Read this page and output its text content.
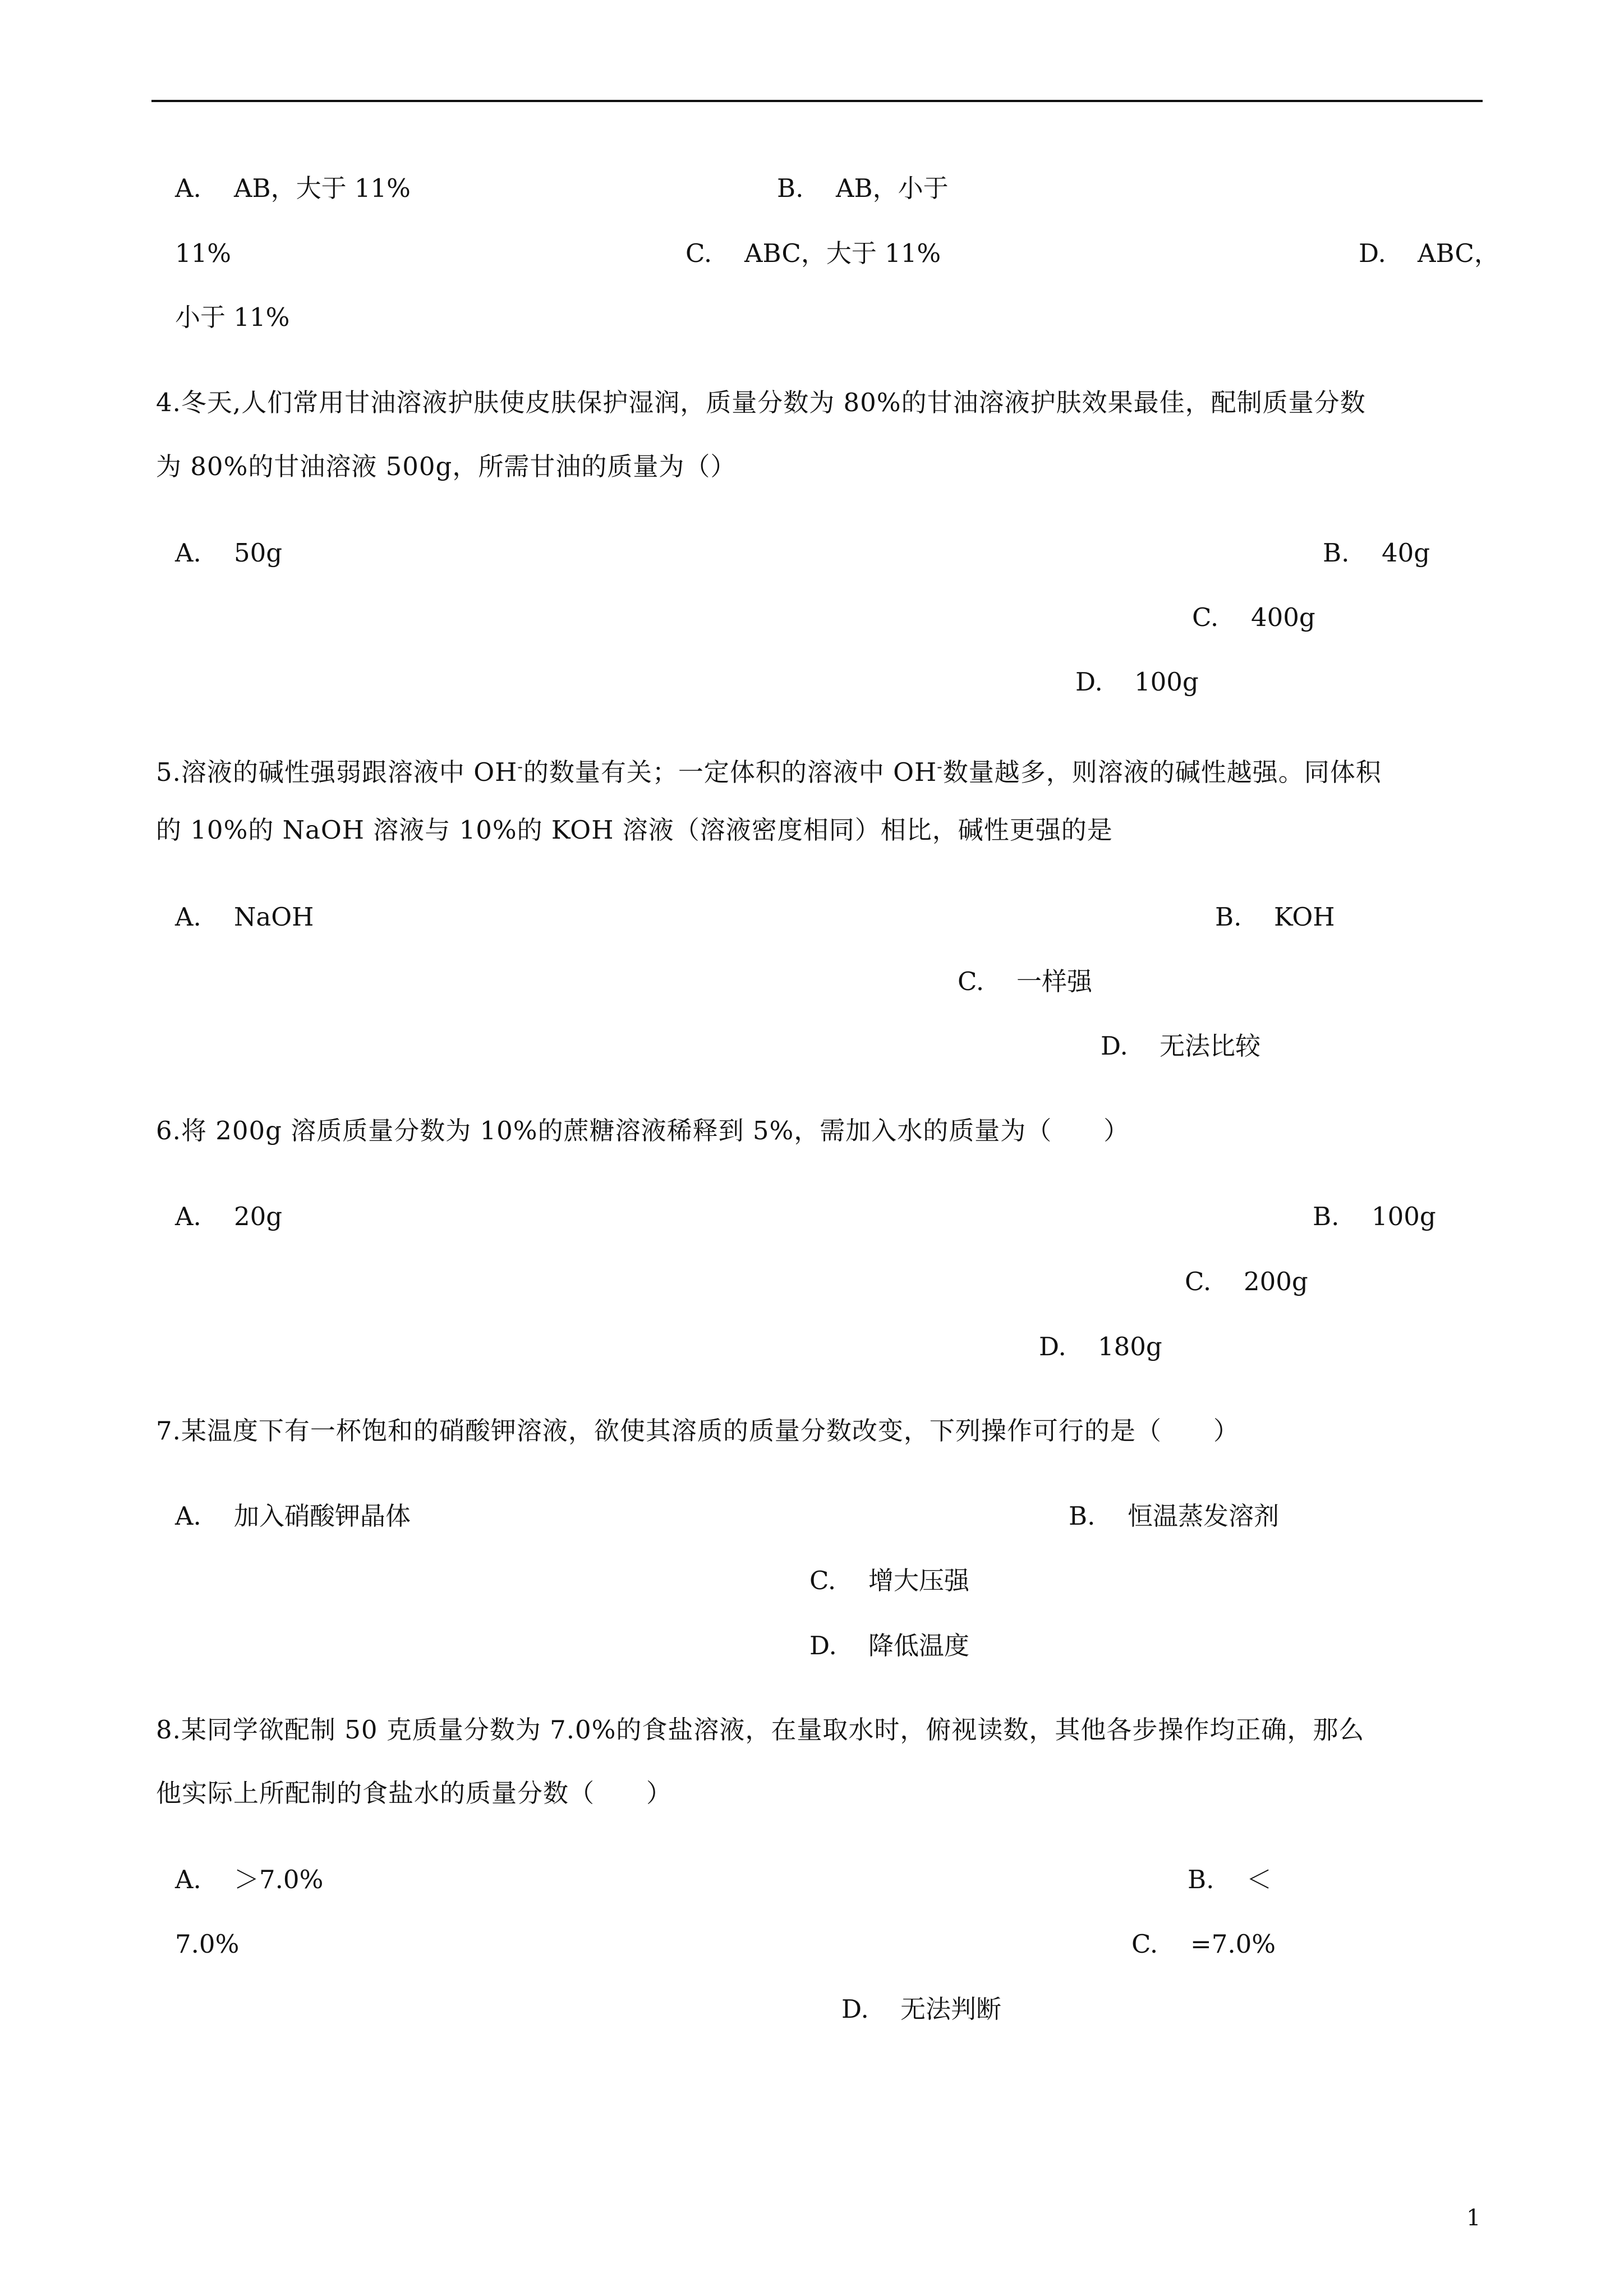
A. AB，大于 11%	B. AB，小于
11%	C. ABC，大于 11%	D. ABC，
小于 11%
4.冬天,人们常用甘油溶液护肤使皮肤保护湿润，质量分数为 80%的甘油溶液护肤效果最佳，配制质量分数
为 80%的甘油溶液 500g，所需甘油的质量为（）
A. 50g	B. 40g
C. 400g
D. 100g
5.溶液的碱性强弱跟溶液中 OH-的数量有关；一定体积的溶液中 OH-数量越多，则溶液的碱性越强。同体积
的 10%的 NaOH 溶液与 10%的 KOH 溶液（溶液密度相同）相比，碱性更强的是
A. NaOH	B. KOH
C. 一样强
D. 无法比较
6.将 200g 溶质质量分数为 10%的蔗糖溶液稀释到 5%，需加入水的质量为（　　）
A. 20g	B. 100g
C. 200g
D. 180g
7.某温度下有一杯饱和的硝酸钾溶液，欲使其溶质的质量分数改变，下列操作可行的是（　　）
A. 加入硝酸钾晶体	B. 恒温蒸发溶剂
C. 增大压强
D. 降低温度
8.某同学欲配制 50 克质量分数为 7.0%的食盐溶液，在量取水时，俯视读数，其他各步操作均正确，那么
他实际上所配制的食盐水的质量分数（　　）
A. ＞7.0%	B. ＜
7.0%	C. =7.0%
D. 无法判断
1
